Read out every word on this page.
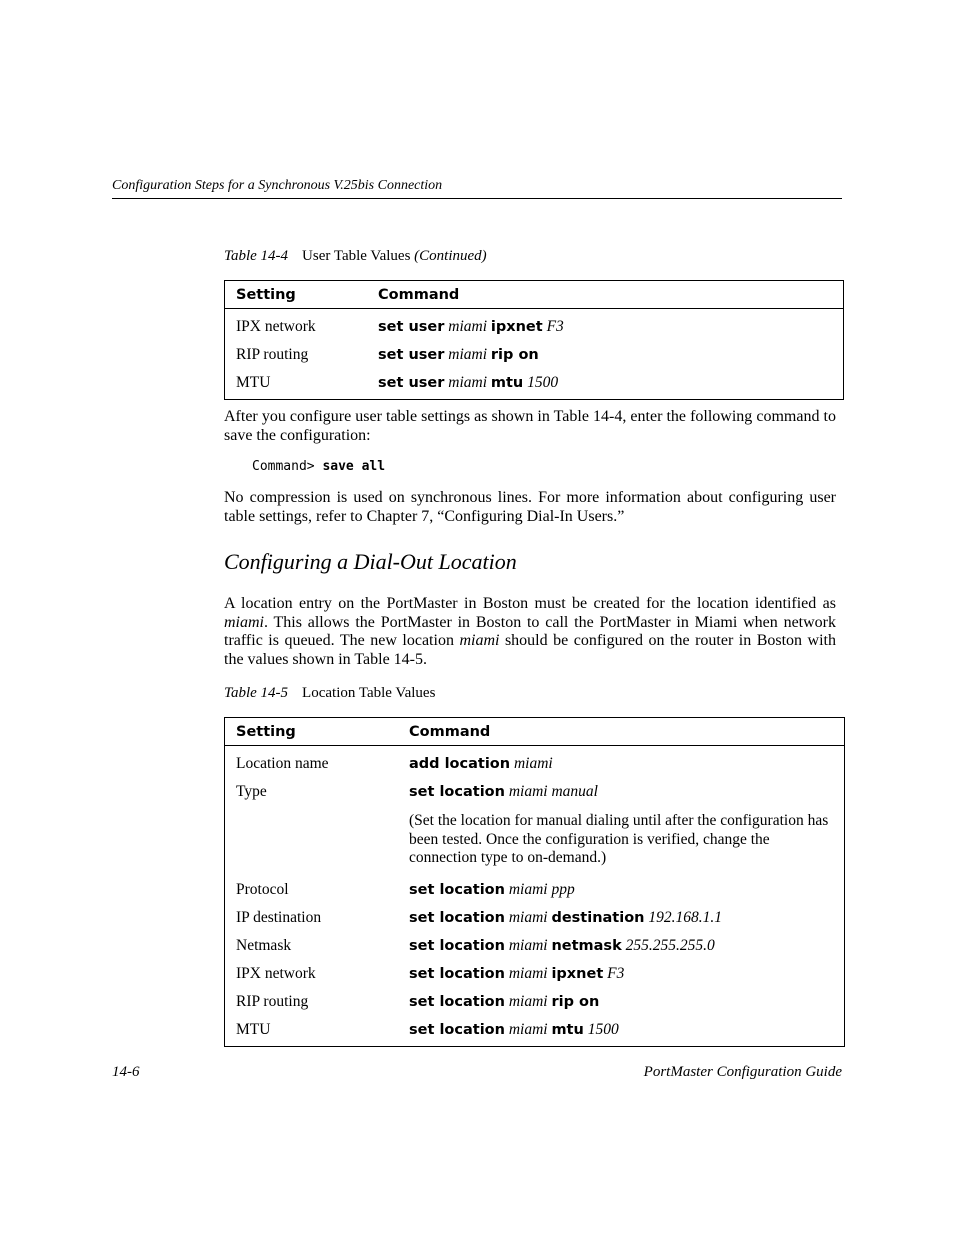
Configuration Steps for a Synchronous V.25bis Connection
Table 14-4 User Table Values (Continued)
Setting	Command
IPX network	set user miami ipxnet F3
RIP routing	set user miami rip on
MTU	set user miami mtu 1500
After you configure user table settings as shown in Table 14-4, enter the following command to save the configuration:
Command> save all
No compression is used on synchronous lines. For more information about configuring user table settings, refer to Chapter 7, “Configuring Dial-In Users.”
Configuring a Dial-Out Location
A location entry on the PortMaster in Boston must be created for the location identified as miami. This allows the PortMaster in Boston to call the PortMaster in Miami when network traffic is queued. The new location miami should be configured on the router in Boston with the values shown in Table 14-5.
Table 14-5 Location Table Values
Setting	Command
Location name	add location miami
Type	set location miami manual
	(Set the location for manual dialing until after the configuration has been tested. Once the configuration is verified, change the connection type to on-demand.)
Protocol	set location miami ppp
IP destination	set location miami destination 192.168.1.1
Netmask	set location miami netmask 255.255.255.0
IPX network	set location miami ipxnet F3
RIP routing	set location miami rip on
MTU	set location miami mtu 1500
14-6	PortMaster Configuration Guide
